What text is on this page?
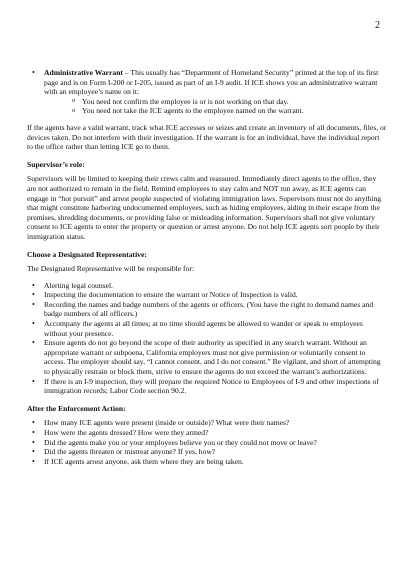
2
• Administrative Warrant – This usually has “Department of Homeland Security” printed at the top of its first page and is on Form I-200 or I-205, issued as part of an I-9 audit. If ICE shows you an administrative warrant with an employee’s name on it:
o You need not confirm the employee is or is not working on that day.
o You need not take the ICE agents to the employee named on the warrant.

If the agents have a valid warrant, track what ICE accesses or seizes and create an inventory of all documents, files, or devices taken. Do not interfere with their investigation. If the warrant is for an individual, have the individual report to the office rather than letting ICE go to them.

Supervisor’s role:

Supervisors will be limited to keeping their crews calm and reassured. Immediately direct agents to the office, they are not authorized to remain in the field. Remind employees to stay calm and NOT run away, as ICE agents can engage in “hot pursuit” and arrest people suspected of violating immigration laws. Supervisors must not do anything that might constitute harboring undocumented employees, such as hiding employees, aiding in their escape from the premises, shredding documents, or providing false or misleading information. Supervisors shall not give voluntary consent to ICE agents to enter the property or question or arrest anyone. Do not help ICE agents sort people by their immigration status.

Choose a Designated Representative:

The Designated Representative will be responsible for:

• Alerting legal counsel.
• Inspecting the documentation to ensure the warrant or Notice of Inspection is valid.
• Recording the names and badge numbers of the agents or officers. (You have the right to demand names and badge numbers of all officers.)
• Accompany the agents at all times; at no time should agents be allowed to wander or speak to employees without your presence.
• Ensure agents do not go beyond the scope of their authority as specified in any search warrant. Without an appropriate warrant or subpoena, California employers must not give permission or voluntarily consent to access. The employer should say, “I cannot consent, and I do not consent.” Be vigilant, and short of attempting to physically restrain or block them, strive to ensure the agents do not exceed the warrant’s authorizations.
• If there is an I-9 inspection, they will prepare the required Notice to Employees of I-9 and other inspections of immigration records; Labor Code section 90.2.

After the Enforcement Action:

• How many ICE agents were present (inside or outside)? What were their names?
• How were the agents dressed? How were they armed?
• Did the agents make you or your employees believe you or they could not move or leave?
• Did the agents threaten or mistreat anyone? If yes, how?
• If ICE agents arrest anyone, ask them where they are being taken.
